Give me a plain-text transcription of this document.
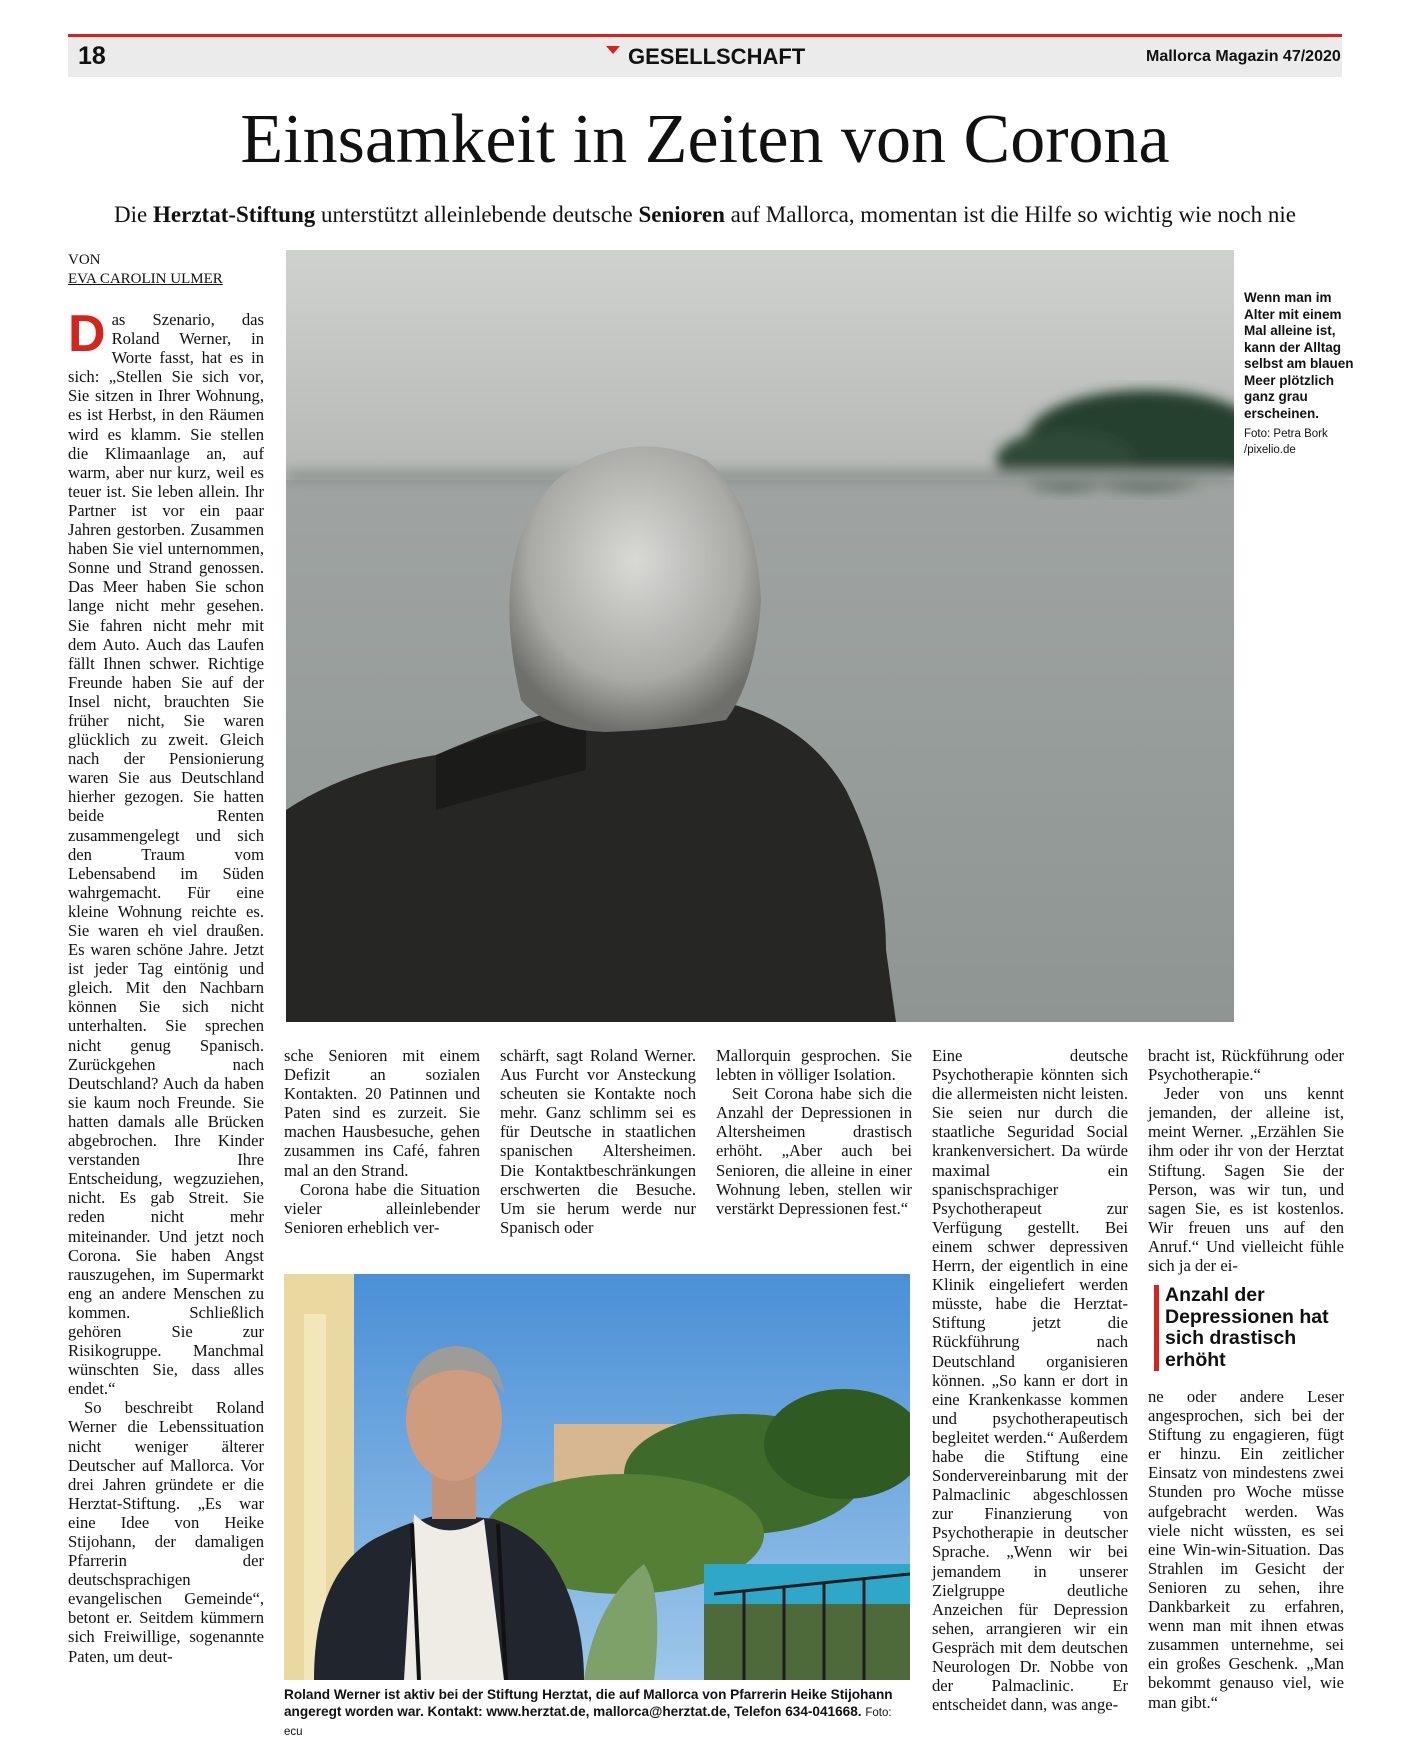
18	GESELLSCHAFT	Mallorca Magazin 47/2020
Einsamkeit in Zeiten von Corona
Die Herztat-Stiftung unterstützt alleinlebende deutsche Senioren auf Mallorca, momentan ist die Hilfe so wichtig wie noch nie
VON
EVA CAROLIN ULMER

Das Szenario, das Roland Werner, in Worte fasst, hat es in sich: „Stellen Sie sich vor, Sie sitzen in Ihrer Wohnung, es ist Herbst, in den Räumen wird es klamm. Sie stellen die Klimaanlage an, auf warm, aber nur kurz, weil es teuer ist. Sie leben allein. Ihr Partner ist vor ein paar Jahren gestorben. Zusammen haben Sie viel unternommen, Sonne und Strand genossen. Das Meer haben Sie schon lange nicht mehr gesehen. Sie fahren nicht mehr mit dem Auto. Auch das Laufen fällt Ihnen schwer. Richtige Freunde haben Sie auf der Insel nicht, brauchten Sie früher nicht, Sie waren glücklich zu zweit. Gleich nach der Pensionierung waren Sie aus Deutschland hierher gezogen. Sie hatten beide Renten zusammengelegt und sich den Traum vom Lebensabend im Süden wahrgemacht. Für eine kleine Wohnung reichte es. Sie waren eh viel draußen. Es waren schöne Jahre. Jetzt ist jeder Tag eintönig und gleich. Mit den Nachbarn können Sie sich nicht unterhalten. Sie sprechen nicht genug Spanisch. Zurückgehen nach Deutschland? Auch da haben sie kaum noch Freunde. Sie hatten damals alle Brücken abgebrochen. Ihre Kinder verstanden Ihre Entscheidung, wegzuziehen, nicht. Es gab Streit. Sie reden nicht mehr miteinander. Und jetzt noch Corona. Sie haben Angst rauszugehen, im Supermarkt eng an andere Menschen zu kommen. Schließlich gehören Sie zur Risikogruppe. Manchmal wünschten Sie, dass alles endet.“

So beschreibt Roland Werner die Lebenssituation nicht weniger älterer Deutscher auf Mallorca. Vor drei Jahren gründete er die Herztat-Stiftung. „Es war eine Idee von Heike Stijohann, der damaligen Pfarrerin der deutschsprachigen evangelischen Gemeinde“, betont er. Seitdem kümmern sich Freiwillige, sogenannte Paten, um deut-

Wenn man im Alter mit einem Mal alleine ist, kann der Alltag selbst am blauen Meer plötzlich ganz grau erscheinen.
Foto: Petra Bork /pixelio.de

sche Senioren mit einem Defizit an sozialen Kontakten. 20 Patinnen und Paten sind es zurzeit. Sie machen Hausbesuche, gehen zusammen ins Café, fahren mal an den Strand.

Corona habe die Situation vieler alleinlebender Senioren erheblich ver-

schärft, sagt Roland Werner. Aus Furcht vor Ansteckung scheuten sie Kontakte noch mehr. Ganz schlimm sei es für Deutsche in staatlichen spanischen Altersheimen. Die Kontaktbeschränkungen erschwerten die Besuche. Um sie herum werde nur Spanisch oder

Mallorquin gesprochen. Sie lebten in völliger Isolation.

Seit Corona habe sich die Anzahl der Depressionen in Altersheimen drastisch erhöht. „Aber auch bei Senioren, die alleine in einer Wohnung leben, stellen wir verstärkt Depressionen fest.“

Roland Werner ist aktiv bei der Stiftung Herztat, die auf Mallorca von Pfarrerin Heike Stijohann angeregt worden war. Kontakt: www.herztat.de, mallorca@herztat.de, Telefon 634-041668. Foto: ecu

Eine deutsche Psychotherapie könnten sich die allermeisten nicht leisten. Sie seien nur durch die staatliche Seguridad Social krankenversichert. Da würde maximal ein spanischsprachiger Psychotherapeut zur Verfügung gestellt. Bei einem schwer depressiven Herrn, der eigentlich in eine Klinik eingeliefert werden müsste, habe die Herztat-Stiftung jetzt die Rückführung nach Deutschland organisieren können. „So kann er dort in eine Krankenkasse kommen und psychotherapeutisch begleitet werden.“ Außerdem habe die Stiftung eine Sondervereinbarung mit der Palmaclinic abgeschlossen zur Finanzierung von Psychotherapie in deutscher Sprache. „Wenn wir bei jemandem in unserer Zielgruppe deutliche Anzeichen für Depression sehen, arrangieren wir ein Gespräch mit dem deutschen Neurologen Dr. Nobbe von der Palmaclinic. Er entscheidet dann, was ange-

bracht ist, Rückführung oder Psychotherapie.“

Jeder von uns kennt jemanden, der alleine ist, meint Werner. „Erzählen Sie ihm oder ihr von der Herztat Stiftung. Sagen Sie der Person, was wir tun, und sagen Sie, es ist kostenlos. Wir freuen uns auf den Anruf.“ Und vielleicht fühle sich ja der ei-

Anzahl der Depressionen hat sich drastisch erhöht

ne oder andere Leser angesprochen, sich bei der Stiftung zu engagieren, fügt er hinzu. Ein zeitlicher Einsatz von mindestens zwei Stunden pro Woche müsse aufgebracht werden. Was viele nicht wüssten, es sei eine Win-win-Situation. Das Strahlen im Gesicht der Senioren zu sehen, ihre Dankbarkeit zu erfahren, wenn man mit ihnen etwas zusammen unternehme, sei ein großes Geschenk. „Man bekommt genauso viel, wie man gibt.“
